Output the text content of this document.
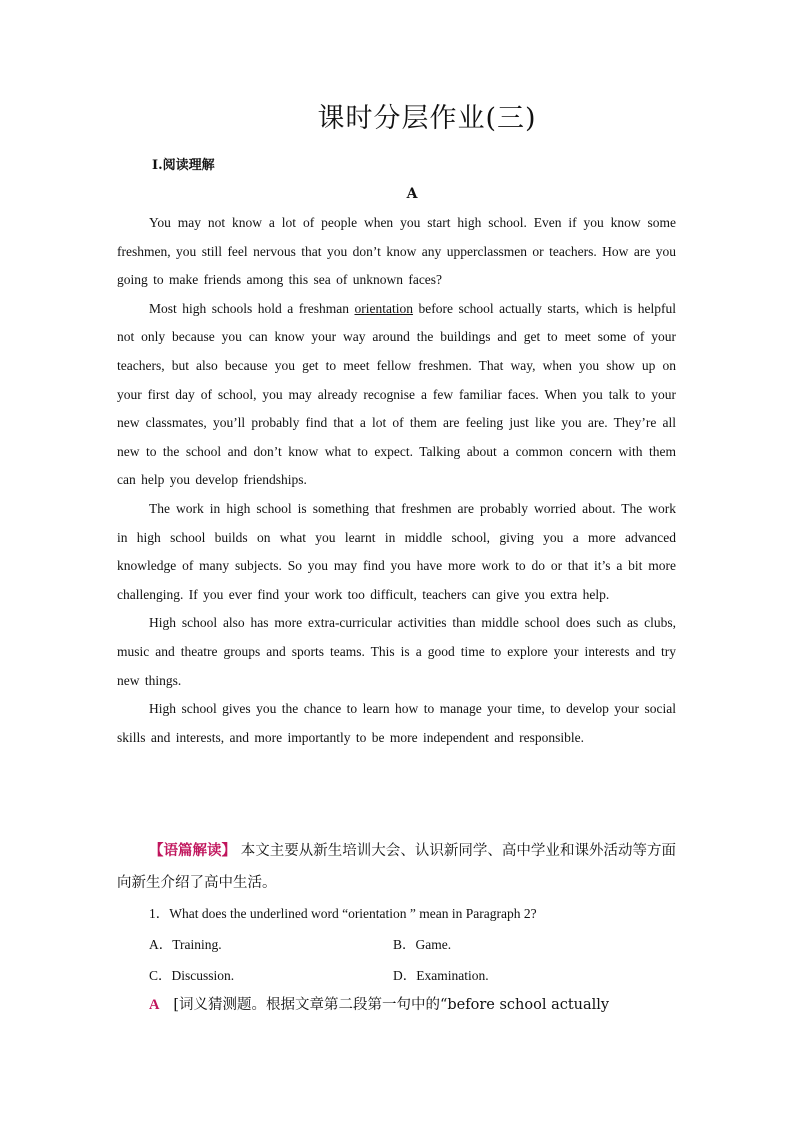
课时分层作业(三)
Ⅰ.阅读理解
A

You may not know a lot of people when you start high school. Even if you know some freshmen, you still feel nervous that you don’t know any upperclassmen or teachers. How are you going to make friends among this sea of unknown faces?

Most high schools hold a freshman orientation before school actually starts, which is helpful not only because you can know your way around the buildings and get to meet some of your teachers, but also because you get to meet fellow freshmen. That way, when you show up on your first day of school, you may already recognise a few familiar faces. When you talk to your new classmates, you’ll probably find that a lot of them are feeling just like you are. They’re all new to the school and don’t know what to expect. Talking about a common concern with them can help you develop friendships.

The work in high school is something that freshmen are probably worried about. The work in high school builds on what you learnt in middle school, giving you a more advanced knowledge of many subjects. So you may find you have more work to do or that it’s a bit more challenging. If you ever find your work too difficult, teachers can give you extra help.

High school also has more extra-curricular activities than middle school does such as clubs, music and theatre groups and sports teams. This is a good time to explore your interests and try new things.

High school gives you the chance to learn how to manage your time, to develop your social skills and interests, and more importantly to be more independent and responsible.

【语篇解读】 本文主要从新生培训大会、认识新同学、高中学业和课外活动等方面向新生介绍了高中生活。
1．What does the underlined word “orientation ” mean in Paragraph 2?
A．Training.	B．Game.
C．Discussion.	D．Examination.
A [词义猜测题。根据文章第二段第一句中的“before school actually
